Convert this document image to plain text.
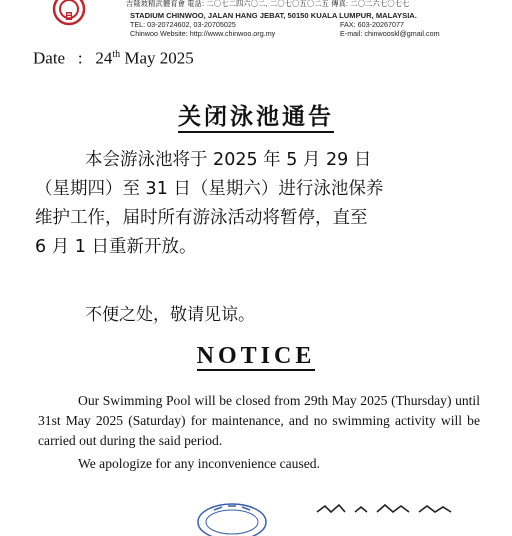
吉隆坡精武體育會 電話: 二〇七二四六〇二, 二〇七〇五〇二五 傳真: 二〇二六七〇七七
STADIUM CHINWOO, JALAN HANG JEBAT, 50150 KUALA LUMPUR, MALAYSIA.
TEL: 03-20724602, 03-20705025	FAX: 603-20267077
Chinwoo Website: http://www.chinwoo.org.my	E-mail: chinwooskl@gmail.com
Date : 24th May 2025
关闭泳池通告
本会游泳池将于 2025 年 5 月 29 日
（星期四）至 31 日（星期六）进行泳池保养
维护工作，届时所有游泳活动将暂停，直至
6 月 1 日重新开放。
不便之处，敬请见谅。
NOTICE

Our Swimming Pool will be closed from 29th May 2025 (Thursday) until 31st May 2025 (Saturday) for maintenance, and no swimming activity will be carried out during the said period.

We apologize for any inconvenience caused.
